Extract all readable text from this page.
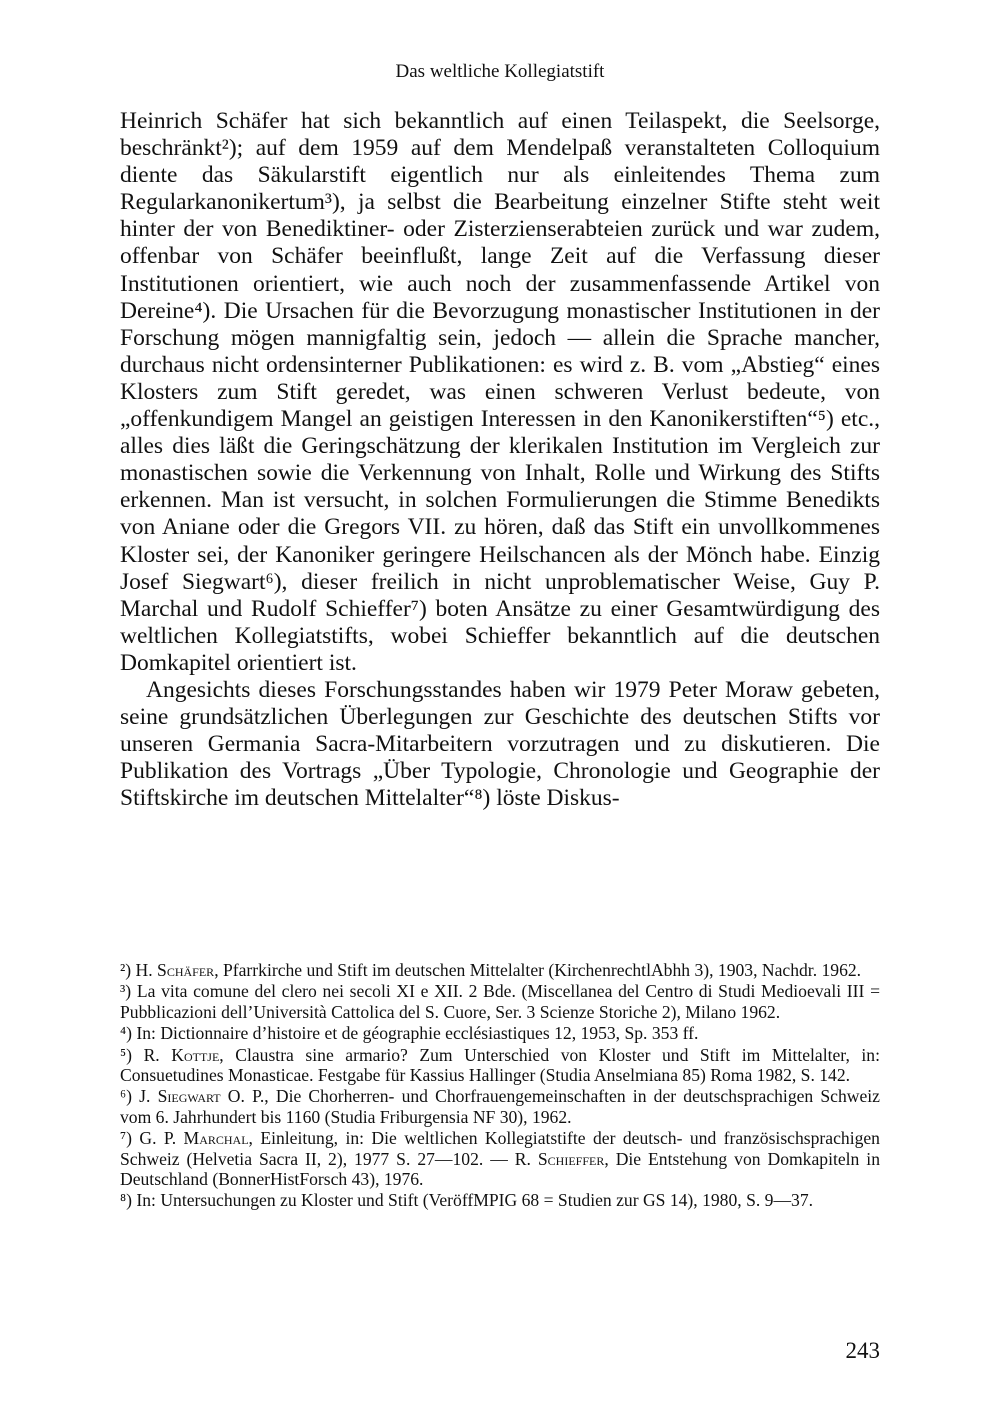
Das weltliche Kollegiatstift

Heinrich Schäfer hat sich bekanntlich auf einen Teilaspekt, die Seelsorge, beschränkt²); auf dem 1959 auf dem Mendelpaß veranstalteten Colloquium diente das Säkularstift eigentlich nur als einleitendes Thema zum Regularkanonikertum³), ja selbst die Bearbeitung einzelner Stifte steht weit hinter der von Benediktiner- oder Zisterzienserabteien zurück und war zudem, offenbar von Schäfer beeinflußt, lange Zeit auf die Verfassung dieser Institutionen orientiert, wie auch noch der zusammenfassende Artikel von Dereine⁴). Die Ursachen für die Bevorzugung monastischer Institutionen in der Forschung mögen mannigfaltig sein, jedoch — allein die Sprache mancher, durchaus nicht ordensinterner Publikationen: es wird z. B. vom „Abstieg“ eines Klosters zum Stift geredet, was einen schweren Verlust bedeute, von „offenkundigem Mangel an geistigen Interessen in den Kanonikerstiften“⁵) etc., alles dies läßt die Geringschätzung der klerikalen Institution im Vergleich zur monastischen sowie die Verkennung von Inhalt, Rolle und Wirkung des Stifts erkennen. Man ist versucht, in solchen Formulierungen die Stimme Benedikts von Aniane oder die Gregors VII. zu hören, daß das Stift ein unvollkommenes Kloster sei, der Kanoniker geringere Heilschancen als der Mönch habe. Einzig Josef Siegwart⁶), dieser freilich in nicht unproblematischer Weise, Guy P. Marchal und Rudolf Schieffer⁷) boten Ansätze zu einer Gesamtwürdigung des weltlichen Kollegiatstifts, wobei Schieffer bekanntlich auf die deutschen Domkapitel orientiert ist.

Angesichts dieses Forschungsstandes haben wir 1979 Peter Moraw gebeten, seine grundsätzlichen Überlegungen zur Geschichte des deutschen Stifts vor unseren Germania Sacra-Mitarbeitern vorzutragen und zu diskutieren. Die Publikation des Vortrags „Über Typologie, Chronologie und Geographie der Stiftskirche im deutschen Mittelalter“⁸) löste Diskus-

²) H. Schäfer, Pfarrkirche und Stift im deutschen Mittelalter (KirchenrechtlAbhh 3), 1903, Nachdr. 1962.

³) La vita comune del clero nei secoli XI e XII. 2 Bde. (Miscellanea del Centro di Studi Medioevali III = Pubblicazioni dell’Università Cattolica del S. Cuore, Ser. 3 Scienze Storiche 2), Milano 1962.

⁴) In: Dictionnaire d’histoire et de géographie ecclésiastiques 12, 1953, Sp. 353 ff.

⁵) R. Kottje, Claustra sine armario? Zum Unterschied von Kloster und Stift im Mittelalter, in: Consuetudines Monasticae. Festgabe für Kassius Hallinger (Studia Anselmiana 85) Roma 1982, S. 142.

⁶) J. Siegwart O. P., Die Chorherren- und Chorfrauengemeinschaften in der deutschsprachigen Schweiz vom 6. Jahrhundert bis 1160 (Studia Friburgensia NF 30), 1962.

⁷) G. P. Marchal, Einleitung, in: Die weltlichen Kollegiatstifte der deutsch- und französischsprachigen Schweiz (Helvetia Sacra II, 2), 1977 S. 27—102. — R. Schieffer, Die Entstehung von Domkapiteln in Deutschland (BonnerHistForsch 43), 1976.

⁸) In: Untersuchungen zu Kloster und Stift (VeröffMPIG 68 = Studien zur GS 14), 1980, S. 9—37.

243
